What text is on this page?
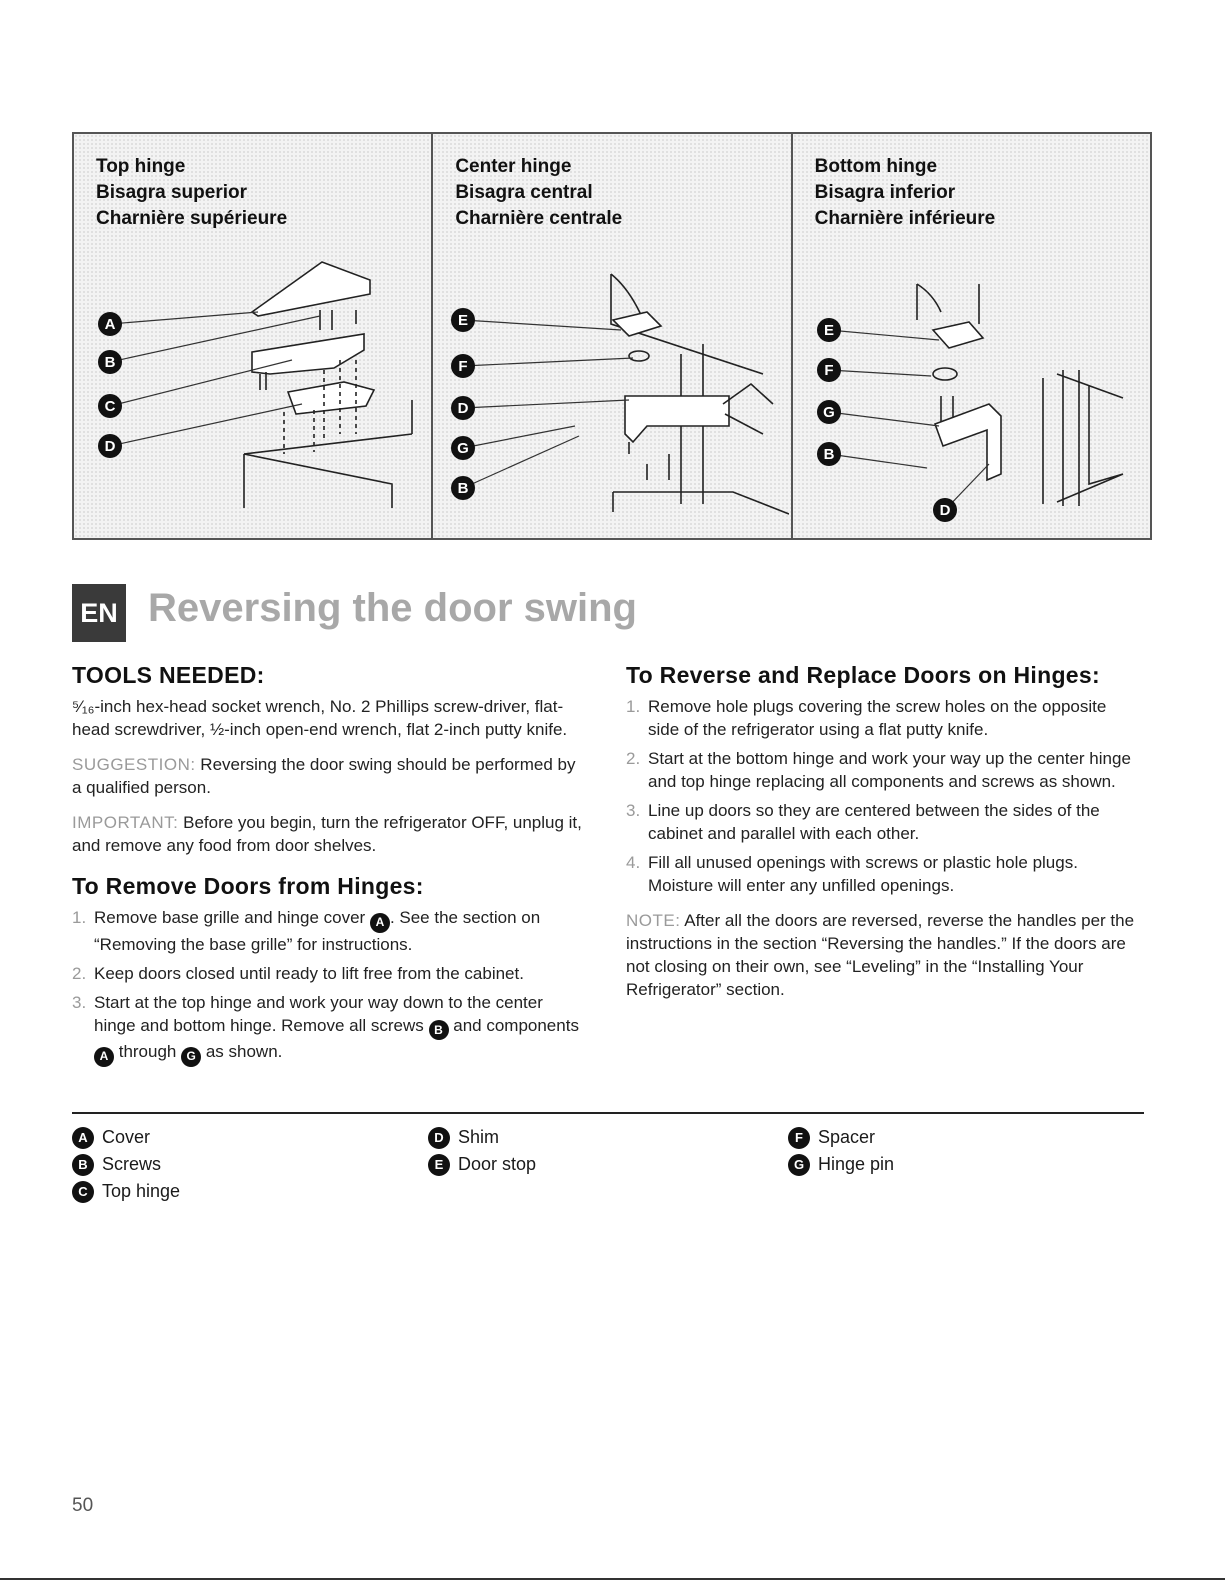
Top hinge
Bisagra superior
Charnière supérieure
A
B
C
D
Center hinge
Bisagra central
Charnière centrale
E
F
D
G
B
Bottom hinge
Bisagra inferior
Charnière inférieure
E
F
G
B
D
EN Reversing the door swing
TOOLS NEEDED:

⁵⁄₁₆-inch hex-head socket wrench, No. 2 Phillips screw-driver, flat-head screwdriver, ½-inch open-end wrench, flat 2-inch putty knife.

SUGGESTION: Reversing the door swing should be performed by a qualified person.

IMPORTANT: Before you begin, turn the refrigerator OFF, unplug it, and remove any food from door shelves.

To Remove Doors from Hinges:
1. Remove base grille and hinge cover A . See the section on “Removing the base grille” for instructions.
2. Keep doors closed until ready to lift free from the cabinet.
3. Start at the top hinge and work your way down to the center hinge and bottom hinge. Remove all screws B and components A through G as shown.
To Reverse and Replace Doors on Hinges:
1. Remove hole plugs covering the screw holes on the opposite side of the refrigerator using a flat putty knife.
2. Start at the bottom hinge and work your way up the center hinge and top hinge replacing all components and screws as shown.
3. Line up doors so they are centered between the sides of the cabinet and parallel with each other.
4. Fill all unused openings with screws or plastic hole plugs. Moisture will enter any unfilled openings.

NOTE: After all the doors are reversed, reverse the handles per the instructions in the section “Reversing the handles.” If the doors are not closing on their own, see “Leveling” in the “Installing Your Refrigerator” section.

A Cover
B Screws
C Top hinge
D Shim
E Door stop
F Spacer
G Hinge pin
50
